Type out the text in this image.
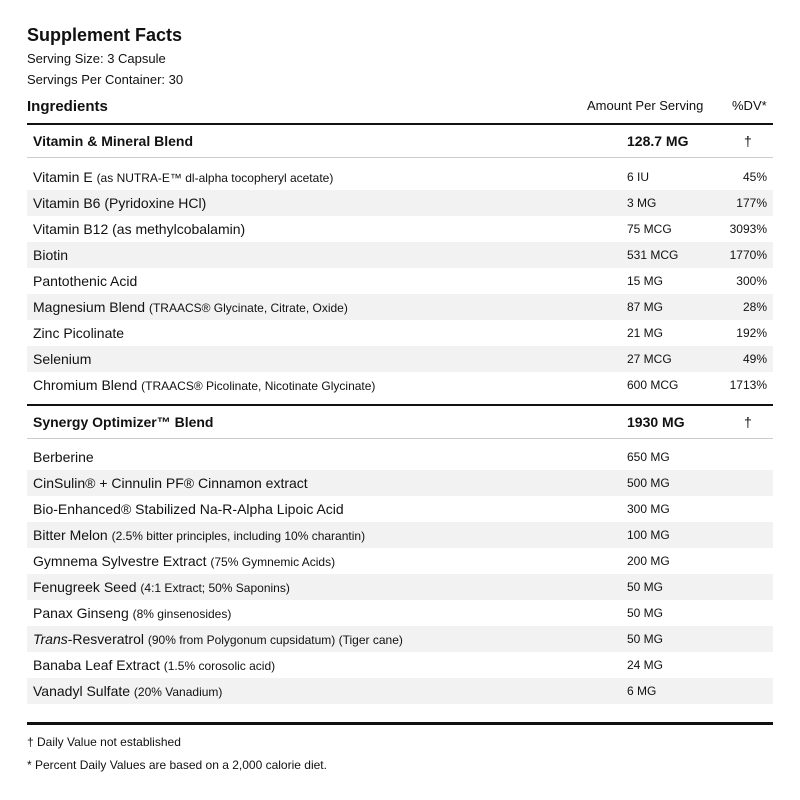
Supplement Facts
Serving Size: 3 Capsule
Servings Per Container: 30
Ingredients	Amount Per Serving %DV*
Vitamin & Mineral Blend	128.7 MG	†
Vitamin E (as NUTRA-E™ dl-alpha tocopheryl acetate)	6 IU	45%
Vitamin B6 (Pyridoxine HCl)	3 MG	177%
Vitamin B12 (as methylcobalamin)	75 MCG	3093%
Biotin	531 MCG	1770%
Pantothenic Acid	15 MG	300%
Magnesium Blend (TRAACS® Glycinate, Citrate, Oxide)	87 MG	28%
Zinc Picolinate	21 MG	192%
Selenium	27 MCG	49%
Chromium Blend (TRAACS® Picolinate, Nicotinate Glycinate)	600 MCG	1713%
Synergy Optimizer™ Blend	1930 MG	†
Berberine	650 MG
CinSulin® + Cinnulin PF® Cinnamon extract	500 MG
Bio-Enhanced® Stabilized Na-R-Alpha Lipoic Acid	300 MG
Bitter Melon (2.5% bitter principles, including 10% charantin)	100 MG
Gymnema Sylvestre Extract (75% Gymnemic Acids)	200 MG
Fenugreek Seed (4:1 Extract; 50% Saponins)	50 MG
Panax Ginseng (8% ginsenosides)	50 MG
Trans-Resveratrol (90% from Polygonum cupsidatum) (Tiger cane)	50 MG
Banaba Leaf Extract (1.5% corosolic acid)	24 MG
Vanadyl Sulfate (20% Vanadium)	6 MG
† Daily Value not established
* Percent Daily Values are based on a 2,000 calorie diet.
